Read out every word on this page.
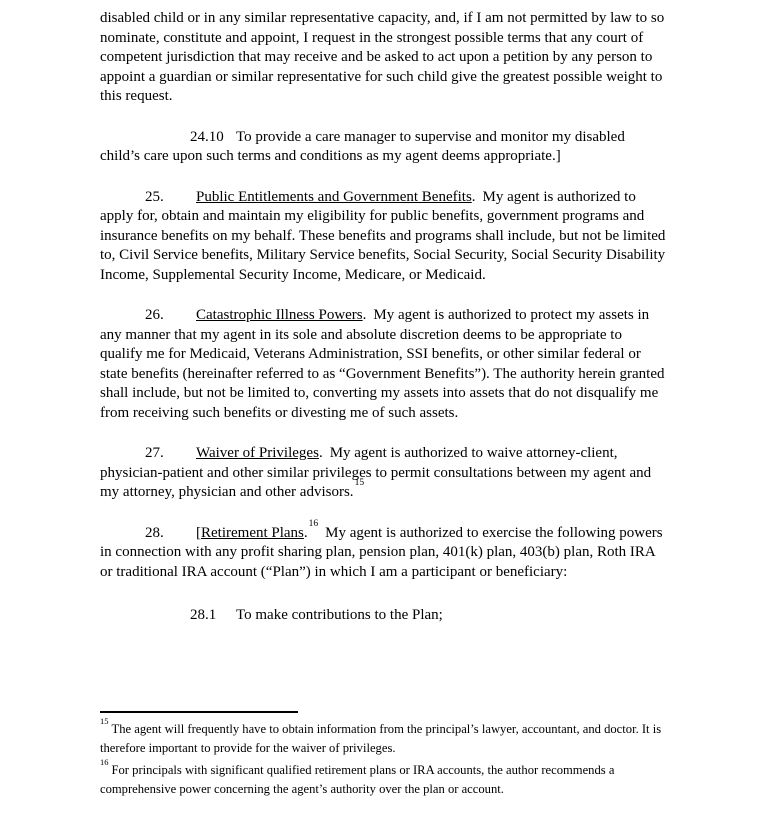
disabled child or in any similar representative capacity, and, if I am not permitted by law to so nominate, constitute and appoint, I request in the strongest possible terms that any court of competent jurisdiction that may receive and be asked to act upon a petition by any person to appoint a guardian or similar representative for such child give the greatest possible weight to this request.

24.10 To provide a care manager to supervise and monitor my disabled child’s care upon such terms and conditions as my agent deems appropriate.]

25. Public Entitlements and Government Benefits. My agent is authorized to apply for, obtain and maintain my eligibility for public benefits, government programs and insurance benefits on my behalf. These benefits and programs shall include, but not be limited to, Civil Service benefits, Military Service benefits, Social Security, Social Security Disability Income, Supplemental Security Income, Medicare, or Medicaid.

26. Catastrophic Illness Powers. My agent is authorized to protect my assets in any manner that my agent in its sole and absolute discretion deems to be appropriate to qualify me for Medicaid, Veterans Administration, SSI benefits, or other similar federal or state benefits (hereinafter referred to as “Government Benefits”). The authority herein granted shall include, but not be limited to, converting my assets into assets that do not disqualify me from receiving such benefits or divesting me of such assets.

27. Waiver of Privileges. My agent is authorized to waive attorney-client, physician-patient and other similar privileges to permit consultations between my agent and my attorney, physician and other advisors.$^{15}$

28. [Retirement Plans.$^{16}$My agent is authorized to exercise the following powers in connection with any profit sharing plan, pension plan, 401(k) plan, 403(b) plan, Roth IRA or traditional IRA account (“Plan”) in which I am a participant or beneficiary:

28.1 To make contributions to the Plan;

$^{15}$The agent will frequently have to obtain information from the principal’s lawyer, accountant, and doctor. It is therefore important to provide for the waiver of privileges.

$^{16}$For principals with significant qualified retirement plans or IRA accounts, the author recommends a comprehensive power concerning the agent’s authority over the plan or account.
